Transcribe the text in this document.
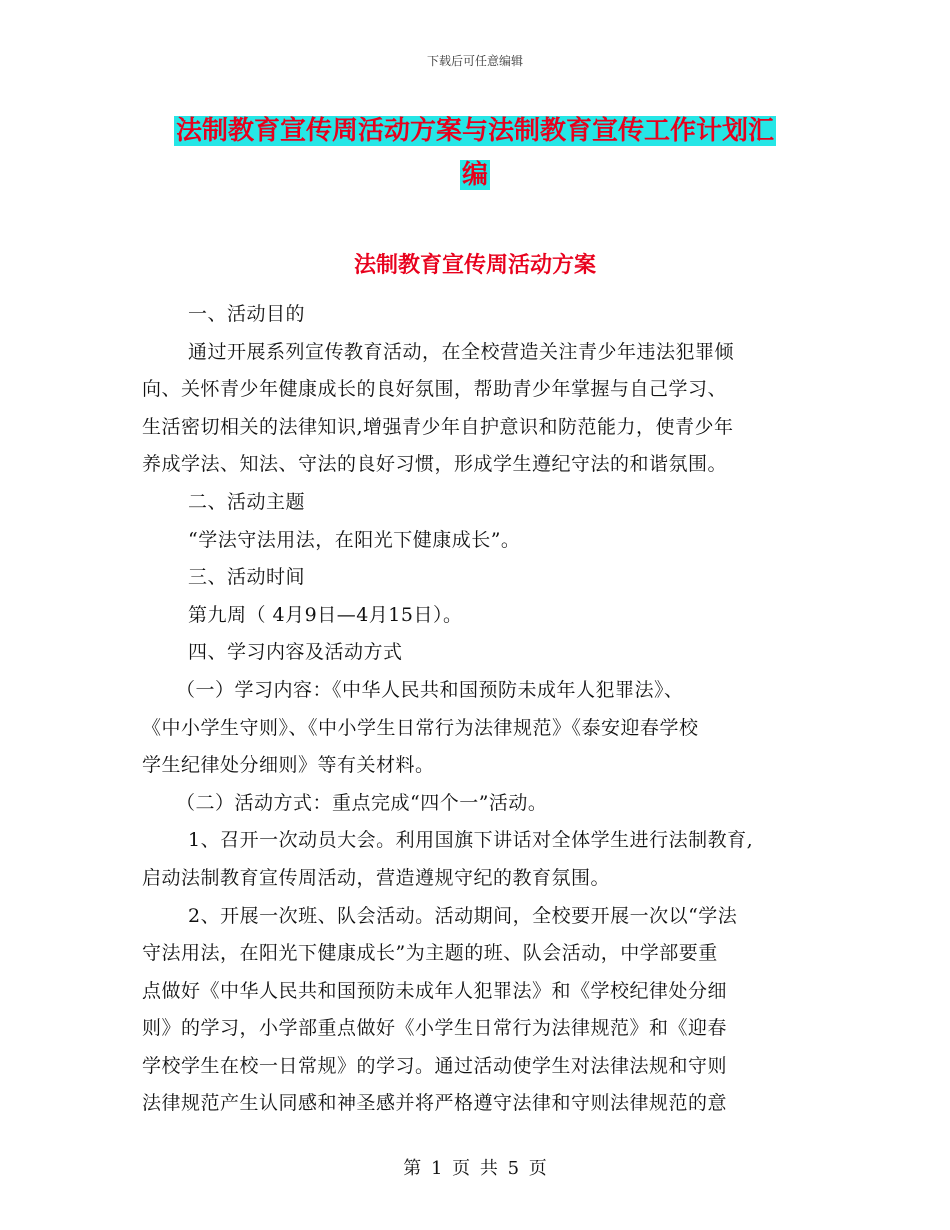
下载后可任意编辑
法制教育宣传周活动方案与法制教育宣传工作计划汇
编
法制教育宣传周活动方案
一、活动目的
通过开展系列宣传教育活动，在全校营造关注青少年违法犯罪倾
向、关怀青少年健康成长的良好氛围，帮助青少年掌握与自己学习、
生活密切相关的法律知识,增强青少年自护意识和防范能力，使青少年
养成学法、知法、守法的良好习惯，形成学生遵纪守法的和谐氛围。
二、活动主题
“学法守法用法，在阳光下健康成长”。
三、活动时间
第九周（ 4月9日—4月15日）。
四、学习内容及活动方式
（一）学习内容：《中华人民共和国预防未成年人犯罪法》、
《中小学生守则》、《中小学生日常行为法律规范》《泰安迎春学校
学生纪律处分细则》等有关材料。
（二）活动方式：重点完成“四个一”活动。
1、召开一次动员大会。利用国旗下讲话对全体学生进行法制教育,
启动法制教育宣传周活动，营造遵规守纪的教育氛围。
2、开展一次班、队会活动。活动期间，全校要开展一次以“学法
守法用法，在阳光下健康成长”为主题的班、队会活动，中学部要重
点做好《中华人民共和国预防未成年人犯罪法》和《学校纪律处分细
则》的学习，小学部重点做好《小学生日常行为法律规范》和《迎春
学校学生在校一日常规》的学习。通过活动使学生对法律法规和守则
法律规范产生认同感和神圣感并将严格遵守法律和守则法律规范的意
第 1 页 共 5 页
